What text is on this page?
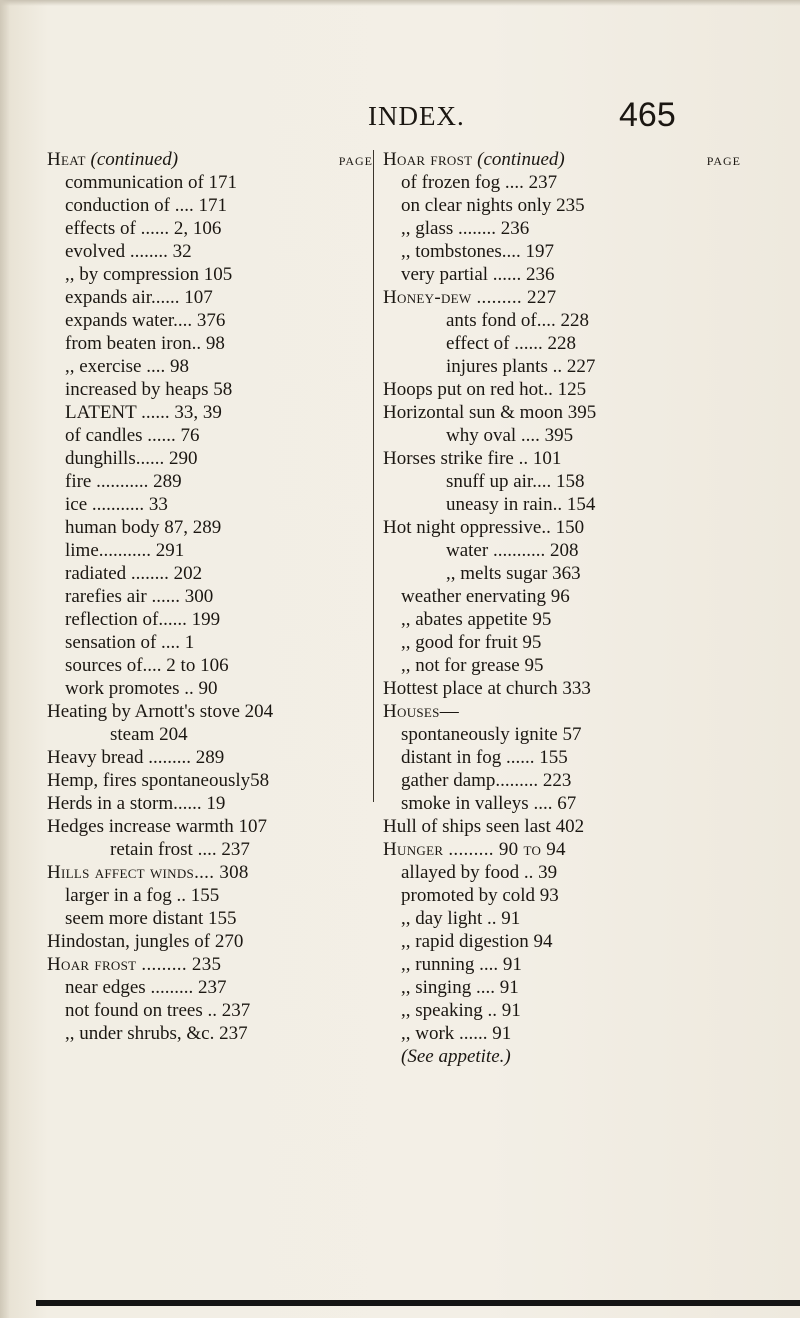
INDEX.	465
Heat (continued)	PAGE
communication of 171
conduction of .... 171
effects of ...... 2, 106
evolved ........ 32
,, by compression 105
expands air...... 107
expands water.... 376
from beaten iron.. 98
,, exercise .... 98
increased by heaps 58
LATENT ...... 33, 39
of candles ...... 76
dunghills...... 290
fire ........... 289
ice ........... 33
human body 87, 289
lime........... 291
radiated ........ 202
rarefies air ...... 300
reflection of...... 199
sensation of .... 1
sources of.... 2 to 106
work promotes .. 90
Heating by Arnott's stove 204
steam 204
Heavy bread ......... 289
Hemp, fires spontaneously58
Herds in a storm...... 19
Hedges increase warmth 107
retain frost .... 237
Hills affect winds.... 308
larger in a fog .. 155
seem more distant 155
Hindostan, jungles of 270
Hoar frost ......... 235
near edges ......... 237
not found on trees .. 237
,, under shrubs, &c. 237
Hoar frost (continued)	PAGE
of frozen fog .... 237
on clear nights only 235
,, glass ........ 236
,, tombstones.... 197
very partial ...... 236
Honey-dew ......... 227
ants fond of.... 228
effect of ...... 228
injures plants .. 227
Hoops put on red hot.. 125
Horizontal sun & moon 395
why oval .... 395
Horses strike fire .. 101
snuff up air.... 158
uneasy in rain.. 154
Hot night oppressive.. 150
water ........... 208
,, melts sugar 363
weather enervating 96
,, abates appetite 95
,, good for fruit 95
,, not for grease 95
Hottest place at church 333
Houses—
spontaneously ignite 57
distant in fog ...... 155
gather damp......... 223
smoke in valleys .... 67
Hull of ships seen last 402
Hunger ......... 90 to 94
allayed by food .. 39
promoted by cold 93
,, day light .. 91
,, rapid digestion 94
,, running .... 91
,, singing .... 91
,, speaking .. 91
,, work ...... 91
(See appetite.)
